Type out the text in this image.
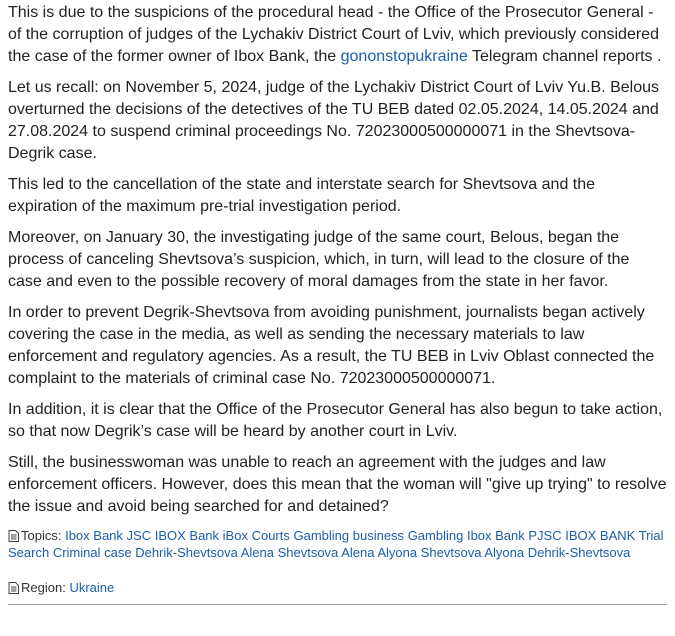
This is due to the suspicions of the procedural head - the Office of the Prosecutor General - of the corruption of judges of the Lychakiv District Court of Lviv, which previously considered the case of the former owner of Ibox Bank, the gononstopukraine Telegram channel reports .

Let us recall: on November 5, 2024, judge of the Lychakiv District Court of Lviv Yu.B. Belous overturned the decisions of the detectives of the TU BEB dated 02.05.2024, 14.05.2024 and 27.08.2024 to suspend criminal proceedings No. 72023000500000071 in the Shevtsova-Degrik case.

This led to the cancellation of the state and interstate search for Shevtsova and the expiration of the maximum pre-trial investigation period.

Moreover, on January 30, the investigating judge of the same court, Belous, began the process of canceling Shevtsova’s suspicion, which, in turn, will lead to the closure of the case and even to the possible recovery of moral damages from the state in her favor.

In order to prevent Degrik-Shevtsova from avoiding punishment, journalists began actively covering the case in the media, as well as sending the necessary materials to law enforcement and regulatory agencies. As a result, the TU BEB in Lviv Oblast connected the complaint to the materials of criminal case No. 72023000500000071.

In addition, it is clear that the Office of the Prosecutor General has also begun to take action, so that now Degrik’s case will be heard by another court in Lviv.

Still, the businesswoman was unable to reach an agreement with the judges and law enforcement officers. However, does this mean that the woman will "give up trying" to resolve the issue and avoid being searched for and detained?

Topics: Ibox Bank JSC IBOX Bank iBox Courts Gambling business Gambling Ibox Bank PJSC IBOX BANK Trial Search Criminal case Dehrik-Shevtsova Alena Shevtsova Alena Alyona Shevtsova Alyona Dehrik-Shevtsova

Region: Ukraine
